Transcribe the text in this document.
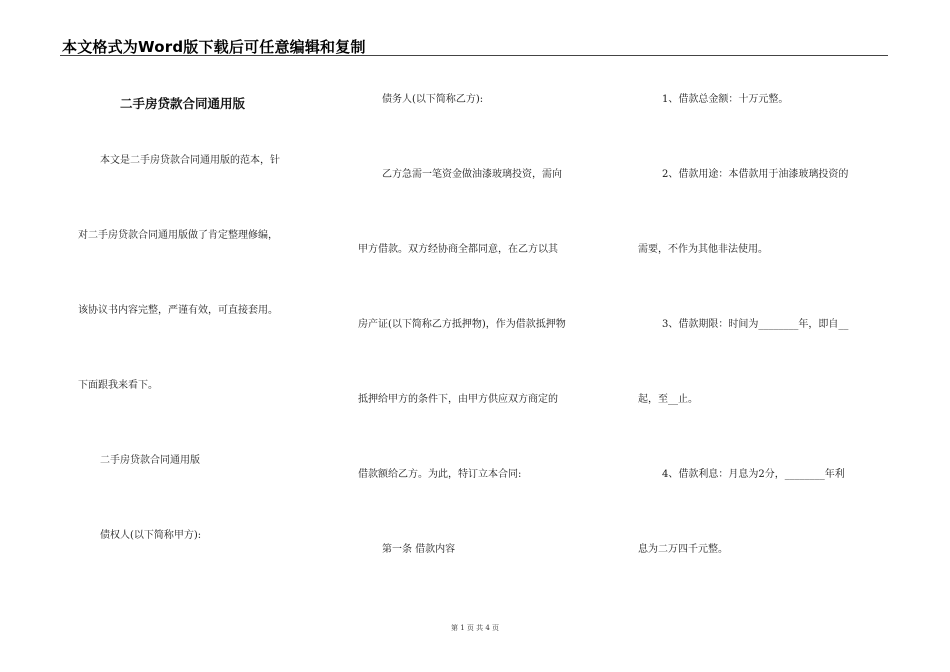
本文格式为Word版下载后可任意编辑和复制
二手房贷款合同通用版
本文是二手房贷款合同通用版的范本，针
对二手房贷款合同通用版做了肯定整理修编，
该协议书内容完整，严谨有效，可直接套用。
下面跟我来看下。
二手房贷款合同通用版
债权人(以下简称甲方):
债务人(以下简称乙方):
乙方急需一笔资金做油漆玻璃投资，需向
甲方借款。双方经协商全都同意，在乙方以其
房产证(以下简称乙方抵押物)，作为借款抵押物
抵押给甲方的条件下，由甲方供应双方商定的
借款额给乙方。为此，特订立本合同:
第一条 借款内容
1、借款总金额：十万元整。
2、借款用途：本借款用于油漆玻璃投资的
需要，不作为其他非法使用。
3、借款期限：时间为________年，即自__
起，至__止。
4、借款利息：月息为2分，________年利
息为二万四千元整。
第 1 页 共 4 页
